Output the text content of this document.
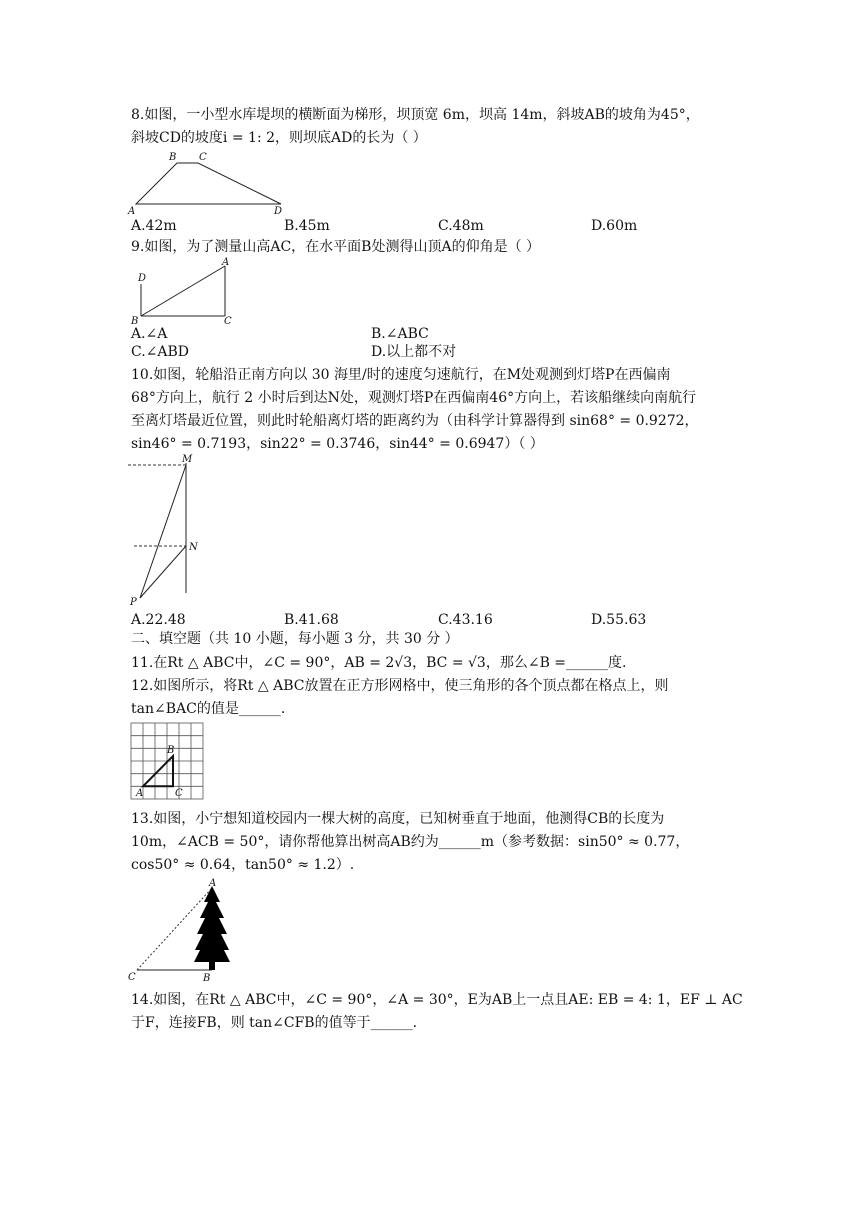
8.如图，一小型水库堤坝的横断面为梯形，坝顶宽 6m，坝高 14m，斜坡AB的坡角为45°，
斜坡CD的坡度i = 1: 2，则坝底AD的长为（ ）
A
B C
D
A.42m	B.45m	C.48m	D.60m
9.如图，为了测量山高AC，在水平面B处测得山顶A的仰角是（ ）
D
A
B	C
A.∠A	B.∠ABC
C.∠ABD	D.以上都不对
10.如图，轮船沿正南方向以 30 海里/时的速度匀速航行，在M处观测到灯塔P在西偏南
68°方向上，航行 2 小时后到达N处，观测灯塔P在西偏南46°方向上，若该船继续向南航行
至离灯塔最近位置，则此时轮船离灯塔的距离约为（由科学计算器得到 sin68° = 0.9272，
sin46° = 0.7193，sin22° = 0.3746，sin44° = 0.6947）（ ）
M
N
P
A.22.48	B.41.68	C.43.16	D.55.63
二、填空题（共 10 小题，每小题 3 分，共 30 分 ）
11.在Rt △ ABC中，∠C = 90°，AB = 2√3，BC = √3，那么∠B =______度.
12.如图所示，将Rt △ ABC放置在正方形网格中，使三角形的各个顶点都在格点上，则
tan∠BAC的值是______.
A
B
C
13.如图，小宁想知道校园内一棵大树的高度，已知树垂直于地面，他测得CB的长度为
10m，∠ACB = 50°，请你帮他算出树高AB约为______m（参考数据：sin50° ≈ 0.77，
cos50° ≈ 0.64，tan50° ≈ 1.2）.
A
B
C
14.如图，在Rt △ ABC中，∠C = 90°，∠A = 30°，E为AB上一点且AE: EB = 4: 1，EF ⊥ AC
于F，连接FB，则 tan∠CFB的值等于______.
